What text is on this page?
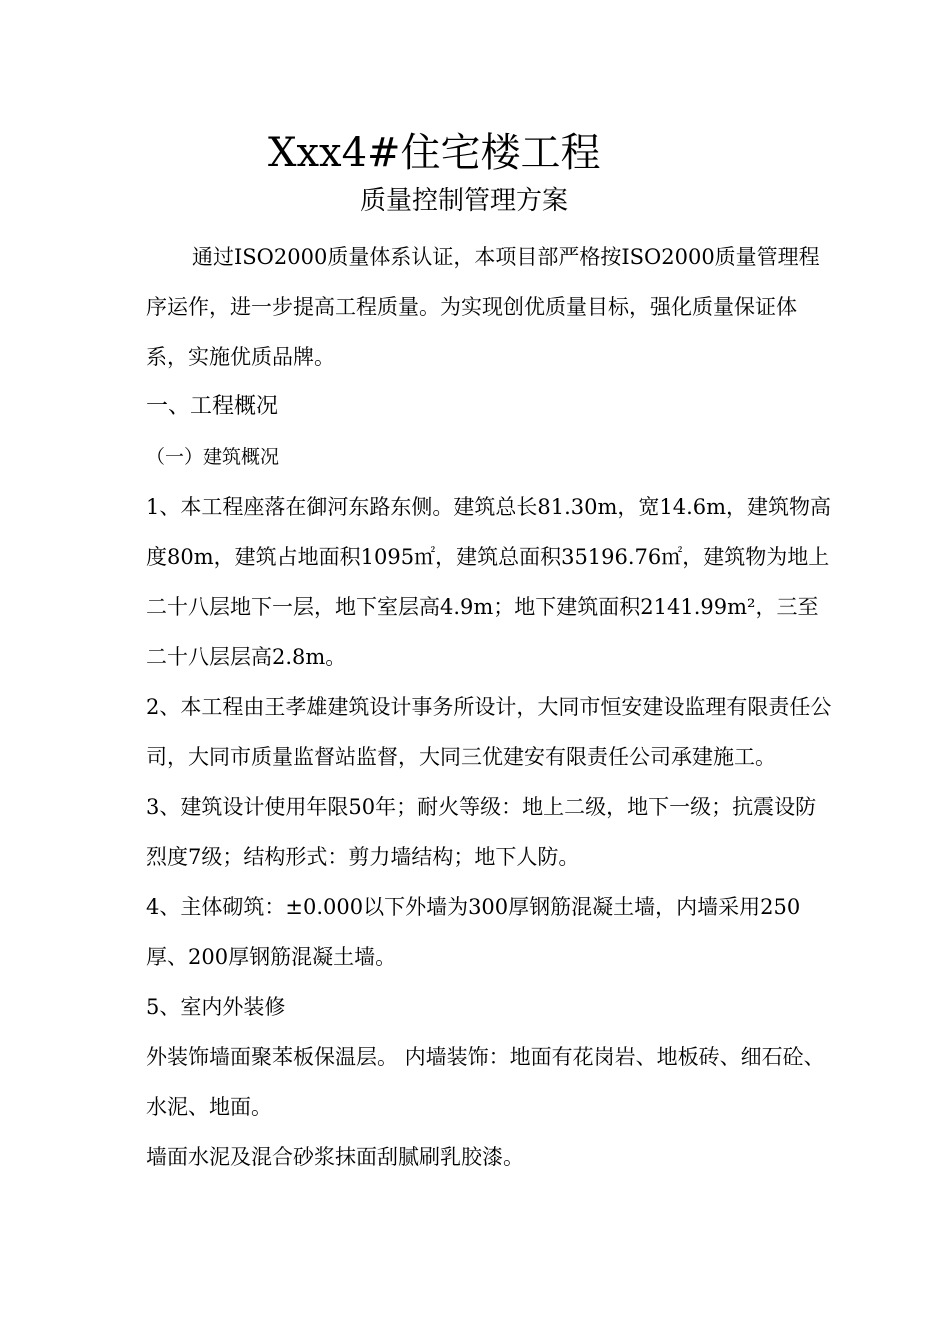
Xxx4#住宅楼工程
质量控制管理方案

通过ISO2000质量体系认证，本项目部严格按ISO2000质量管理程序运作，进一步提高工程质量。为实现创优质量目标，强化质量保证体系，实施优质品牌。

一、工程概况

（一）建筑概况

1、本工程座落在御河东路东侧。建筑总长81.30m，宽14.6m，建筑物高度80m，建筑占地面积1095㎡，建筑总面积35196.76㎡，建筑物为地上二十八层地下一层，地下室层高4.9m；地下建筑面积2141.99m²，三至二十八层层高2.8m。

2、本工程由王孝雄建筑设计事务所设计，大同市恒安建设监理有限责任公司，大同市质量监督站监督，大同三优建安有限责任公司承建施工。

3、建筑设计使用年限50年；耐火等级：地上二级，地下一级；抗震设防烈度7级；结构形式：剪力墙结构；地下人防。

4、主体砌筑：±0.000以下外墙为300厚钢筋混凝土墙，内墙采用250厚、200厚钢筋混凝土墙。

5、室内外装修

外装饰墙面聚苯板保温层。 内墙装饰：地面有花岗岩、地板砖、细石砼、水泥、地面。

墙面水泥及混合砂浆抹面刮腻刷乳胶漆。
